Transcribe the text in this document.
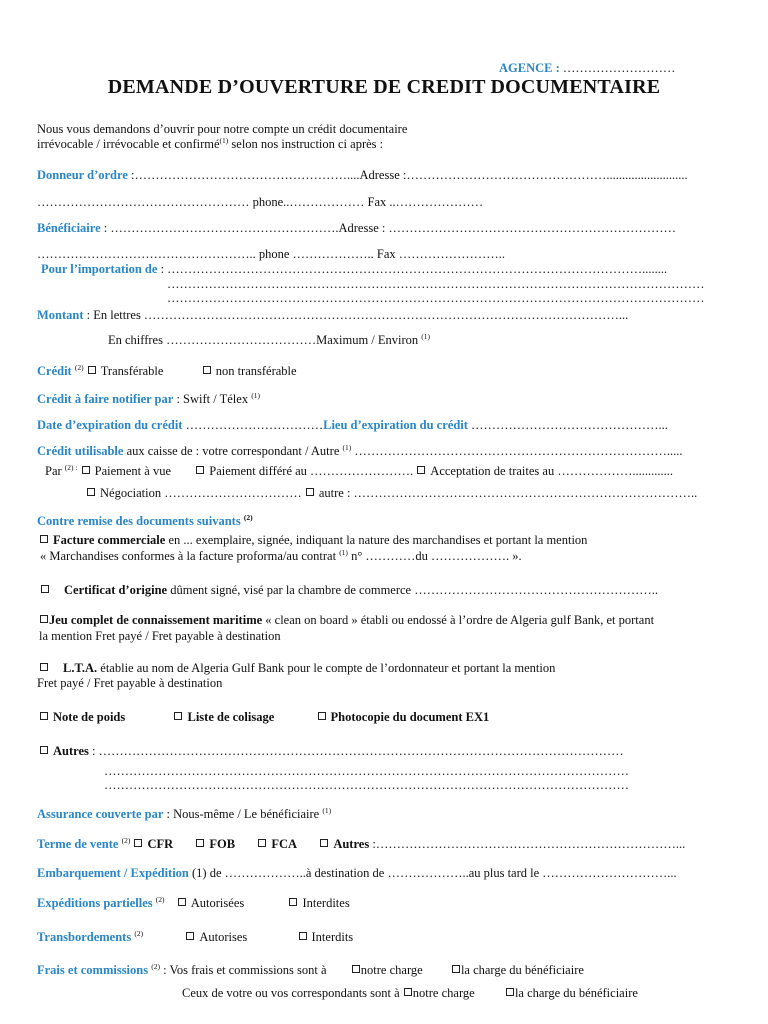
AGENCE : ………………………
DEMANDE D’OUVERTURE DE CREDIT DOCUMENTAIRE
Nous vous demandons d’ouvrir pour notre compte un crédit documentaire
irrévocable / irrévocable et confirmé$^{(1)}$ selon nos instruction ci après :
Donneur d’ordre :……………………………………………....Adresse :…………………………………………..........................
…………………………………………… phone..……………… Fax ..…………………
Bénéficiaire : ……………………………………………….Adresse : ……………………………………………………………
…………………………………………….. phone ……………….. Fax ……………………..
Pour l’importation de : ……………………………………………………………………………………………………........
…………………………………………………………………………………………………………………
…………………………………………………………………………………………………………………
Montant : En lettres ……………………………………………………………………………………………………...
En chiffres ………………………………Maximum / Environ $^{(1)}$
Crédit $^{(2)}$ Transférable	non transférable
Crédit à faire notifier par : Swift / Télex $^{(1)}$
Date d’expiration du crédit ……………………………Lieu d’expiration du crédit ………………………………………...
Crédit utilisable aux caisse de : votre correspondant / Autre $^{(1)}$ ………………………………………………………………….....
Par $^{(2) :}$ Paiement à vue	Paiement différé au ……………………. Acceptation de traites au ……………….............
Négociation …………………………… autre : ………………………………………………………………………..
Contre remise des documents suivants $^{(2)}$
Facture commerciale en ... exemplaire, signée, indiquant la nature des marchandises et portant la mention
« Marchandises conformes à la facture proforma/au contrat $^{(1)}$ n° …………du ………………. ».
Certificat d’origine dûment signé, visé par la chambre de commerce …………………………………………………..
Jeu complet de connaissement maritime « clean on board » établi ou endossé à l’ordre de Algeria gulf Bank, et portant
la mention Fret payé / Fret payable à destination
L.T.A. établie au nom de Algeria Gulf Bank pour le compte de l’ordonnateur et portant la mention
Fret payé / Fret payable à destination
Note de poids	Liste de colisage	Photocopie du document EX1
Autres : ………………………………………………………………………………………………………………
………………………………………………………………………………………………………………
………………………………………………………………………………………………………………
Assurance couverte par : Nous-même / Le bénéficiaire $^{(1)}$
Terme de vente $^{(2)}$ CFR	FOB	FCA	Autres :………………………………………………………………...
Embarquement / Expédition (1) de ………………..à destination de ………………..au plus tard le …………………………...
Expéditions partielles $^{(2)}$ Autorisées	Interdites
Transbordements $^{(2)}$	Autorises	Interdits
Frais et commissions $^{(2)}$ : Vos frais et commissions sont à	notre charge	la charge du bénéficiaire
Ceux de votre ou vos correspondants sont à notre charge	la charge du bénéficiaire
